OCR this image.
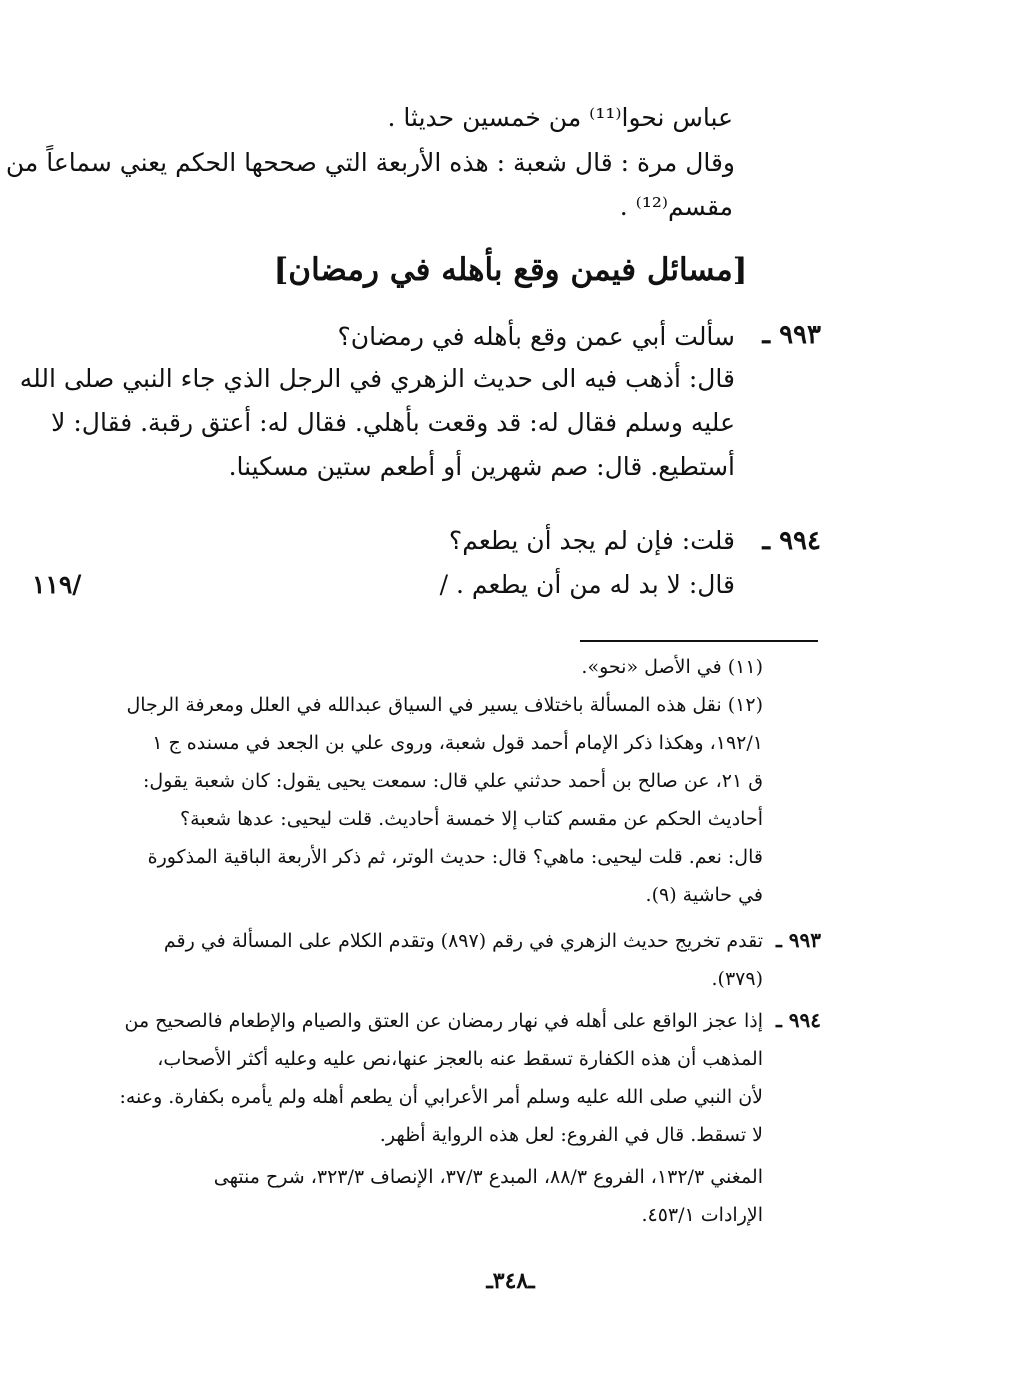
عباس نحوا⁽¹¹⁾ من خمسين حديثا .
وقال مرة : قال شعبة : هذه الأربعة التي صححها الحكم يعني سماعاً من
مقسم⁽¹²⁾ .
[مسائل فيمن وقع بأهله في رمضان]
٩٩٣ ـ
سألت أبي عمن وقع بأهله في رمضان؟
قال: أذهب فيه الى حديث الزهري في الرجل الذي جاء النبي صلى الله
عليه وسلم فقال له: قد وقعت بأهلي. فقال له: أعتق رقبة. فقال: لا
أستطيع. قال: صم شهرين أو أطعم ستين مسكينا.
٩٩٤ ـ
قلت: فإن لم يجد أن يطعم؟
قال: لا بد له من أن يطعم . /
/١١٩
(١١) في الأصل «نحو».
(١٢) نقل هذه المسألة باختلاف يسير في السياق عبدالله في العلل ومعرفة الرجال
١٩٢/١، وهكذا ذكر الإمام أحمد قول شعبة، وروى علي بن الجعد في مسنده ج ١
ق ٢١، عن صالح بن أحمد حدثني علي قال: سمعت يحيى يقول: كان شعبة يقول:
أحاديث الحكم عن مقسم كتاب إلا خمسة أحاديث. قلت ليحيى: عدها شعبة؟
قال: نعم. قلت ليحيى: ماهي؟ قال: حديث الوتر، ثم ذكر الأربعة الباقية المذكورة
في حاشية (٩).
٩٩٣ ـ
تقدم تخريج حديث الزهري في رقم (٨٩٧) وتقدم الكلام على المسألة في رقم
(٣٧٩).
٩٩٤ ـ
إذا عجز الواقع على أهله في نهار رمضان عن العتق والصيام والإطعام فالصحيح من
المذهب أن هذه الكفارة تسقط عنه بالعجز عنها،نص عليه وعليه أكثر الأصحاب،
لأن النبي صلى الله عليه وسلم أمر الأعرابي أن يطعم أهله ولم يأمره بكفارة. وعنه:
لا تسقط. قال في الفروع: لعل هذه الرواية أظهر.
المغني ١٣٢/٣، الفروع ٨٨/٣، المبدع ٣٧/٣، الإنصاف ٣٢٣/٣، شرح منتهى
الإرادات ٤٥٣/١.
ـ٣٤٨ـ
